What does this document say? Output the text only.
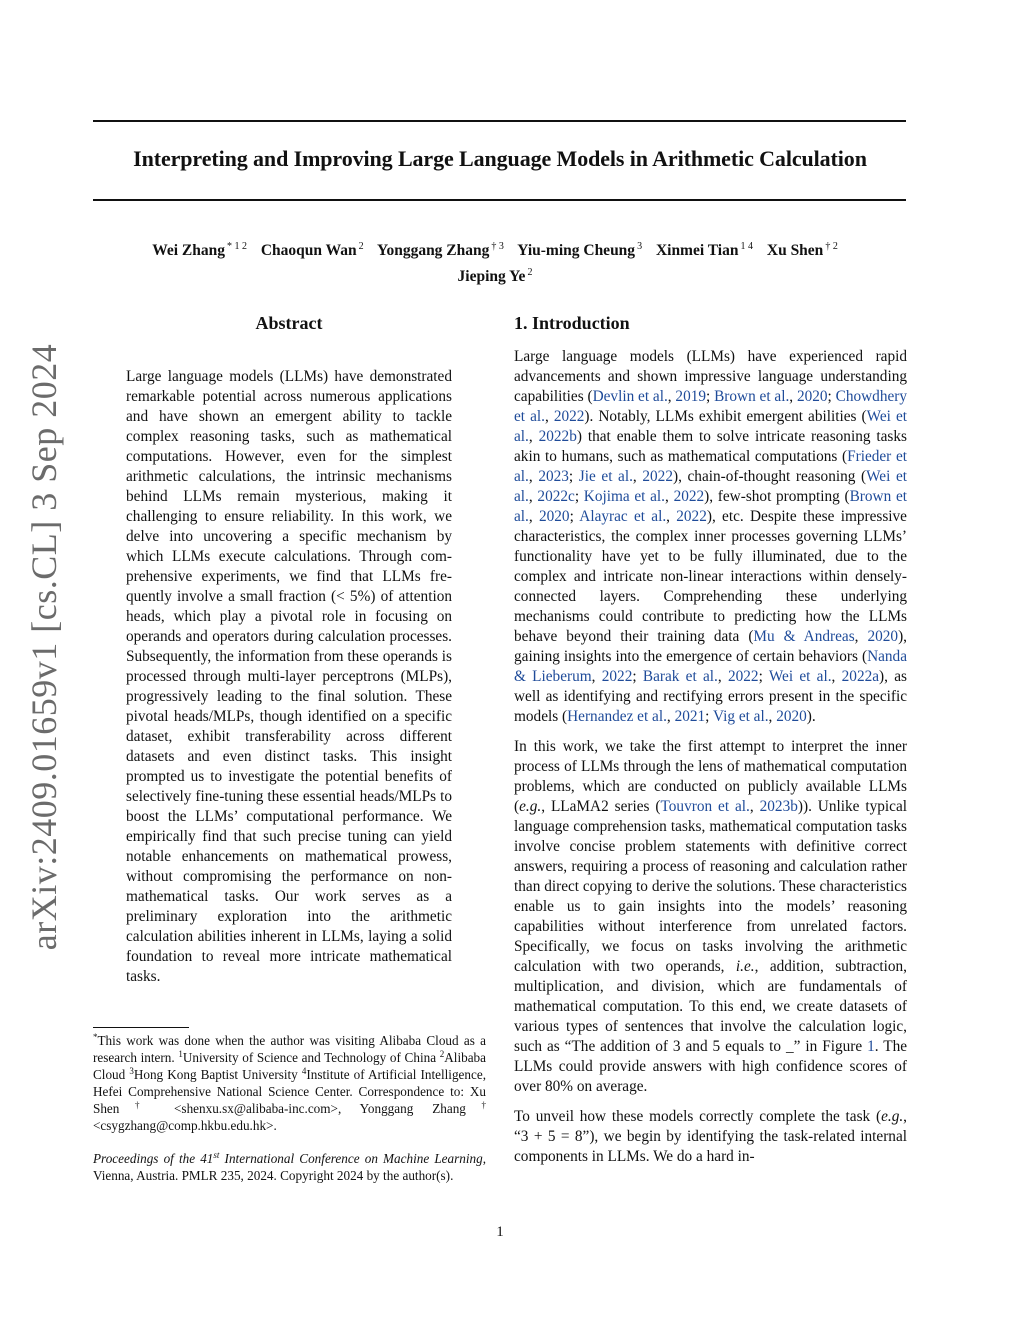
Interpreting and Improving Large Language Models in Arithmetic Calculation
Wei Zhang $^{* 1 2}$ Chaoqun Wan $^2$ Yonggang Zhang $^{\dagger 3}$ Yiu-ming Cheung $^3$ Xinmei Tian $^{1 4}$ Xu Shen $^{\dagger 2}$
Jieping Ye $^2$
arXiv:2409.01659v1 [cs.CL] 3 Sep 2024
Abstract
Large language models (LLMs) have demonstrated remarkable potential across numerous applications and have shown an emergent ability to tackle complex reasoning tasks, such as mathematical computations. However, even for the simplest arithmetic calculations, the intrinsic mechanisms behind LLMs remain mysterious, making it challenging to ensure reliability. In this work, we delve into uncovering a specific mechanism by which LLMs execute calculations. Through comprehensive experiments, we find that LLMs frequently involve a small fraction (< 5%) of attention heads, which play a pivotal role in focusing on operands and operators during calculation processes. Subsequently, the information from these operands is processed through multi-layer perceptrons (MLPs), progressively leading to the final solution. These pivotal heads/MLPs, though identified on a specific dataset, exhibit transferability across different datasets and even distinct tasks. This insight prompted us to investigate the potential benefits of selectively fine-tuning these essential heads/MLPs to boost the LLMs’ computational performance. We empirically find that such precise tuning can yield notable enhancements on mathematical prowess, without compromising the performance on non-mathematical tasks. Our work serves as a preliminary exploration into the arithmetic calculation abilities inherent in LLMs, laying a solid foundation to reveal more intricate mathematical tasks.
1. Introduction

Large language models (LLMs) have experienced rapid advancements and shown impressive language understanding capabilities (Devlin et al., 2019; Brown et al., 2020; Chowdhery et al., 2022). Notably, LLMs exhibit emergent abilities (Wei et al., 2022b) that enable them to solve intricate reasoning tasks akin to humans, such as mathematical computations (Frieder et al., 2023; Jie et al., 2022), chain-of-thought reasoning (Wei et al., 2022c; Kojima et al., 2022), few-shot prompting (Brown et al., 2020; Alayrac et al., 2022), etc. Despite these impressive characteristics, the complex inner processes governing LLMs’ functionality have yet to be fully illuminated, due to the complex and intricate non-linear interactions within densely-connected layers. Comprehending these underlying mechanisms could contribute to predicting how the LLMs behave beyond their training data (Mu & Andreas, 2020), gaining insights into the emergence of certain behaviors (Nanda & Lieberum, 2022; Barak et al., 2022; Wei et al., 2022a), as well as identifying and rectifying errors present in the specific models (Hernandez et al., 2021; Vig et al., 2020).

In this work, we take the first attempt to interpret the inner process of LLMs through the lens of mathematical computation problems, which are conducted on publicly available LLMs (e.g., LLaMA2 series (Touvron et al., 2023b)). Unlike typical language comprehension tasks, mathematical computation tasks involve concise problem statements with definitive correct answers, requiring a process of reasoning and calculation rather than direct copying to derive the solutions. These characteristics enable us to gain insights into the models’ reasoning capabilities without interference from unrelated factors. Specifically, we focus on tasks involving the arithmetic calculation with two operands, i.e., addition, subtraction, multiplication, and division, which are fundamentals of mathematical computation. To this end, we create datasets of various types of sentences that involve the calculation logic, such as “The addition of 3 and 5 equals to _” in Figure 1. The LLMs could provide answers with high confidence scores of over 80% on average.

To unveil how these models correctly complete the task (e.g., “3 + 5 = 8”), we begin by identifying the task-related internal components in LLMs. We do a hard in-

*This work was done when the author was visiting Alibaba Cloud as a research intern. $^1$University of Science and Technology of China $^2$Alibaba Cloud $^3$Hong Kong Baptist University $^4$Institute of Artificial Intelligence, Hefei Comprehensive National Science Center. Correspondence to: Xu Shen† <shenxu.sx@alibaba-inc.com>, Yonggang Zhang† <csygzhang@comp.hkbu.edu.hk>.
Proceedings of the 41st International Conference on Machine Learning, Vienna, Austria. PMLR 235, 2024. Copyright 2024 by the author(s).
1
